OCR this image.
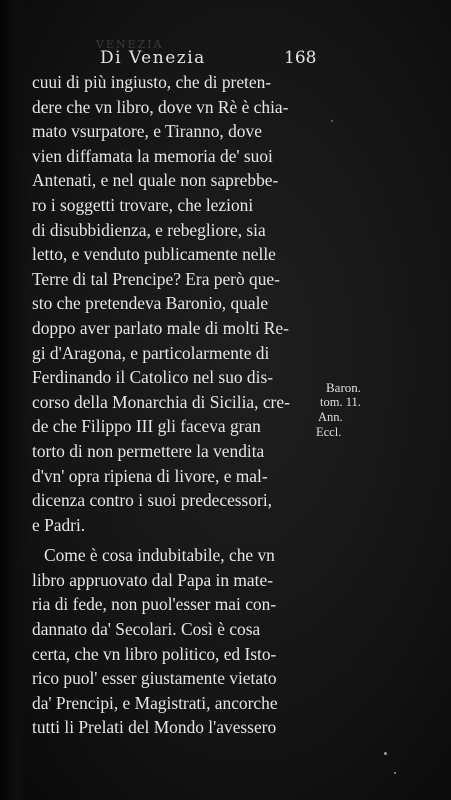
VENEZIA
Di Venezia	168
cuui di più ingiusto, che di preten-
dere che vn libro, dove vn Rè è chia-
mato vsurpatore, e Tiranno, dove
vien diffamata la memoria de' suoi
Antenati, e nel quale non saprebbe-
ro i soggetti trovare, che lezioni
di disubbidienza, e rebegliore, sia
letto, e venduto publicamente nelle
Terre di tal Prencipe? Era però que-
sto che pretendeva Baronio, quale
doppo aver parlato male di molti Re-
gi d'Aragona, e particolarmente di
Ferdinando il Catolico nel suo dis-
corso della Monarchia di Sicilia, cre-
de che Filippo III gli faceva gran
torto di non permettere la vendita
d'vn' opra ripiena di livore, e mal-
dicenza contro i suoi predecessori,
e Padri.
Come è cosa indubitabile, che vn
libro appruovato dal Papa in mate-
ria di fede, non puol'esser mai con-
dannato da' Secolari. Così è cosa
certa, che vn libro politico, ed Isto-
rico puol' esser giustamente vietato
da' Prencipi, e Magistrati, ancorche
tutti li Prelati del Mondo l'avessero
Baron.
tom. 11.
Ann.
Eccl.
